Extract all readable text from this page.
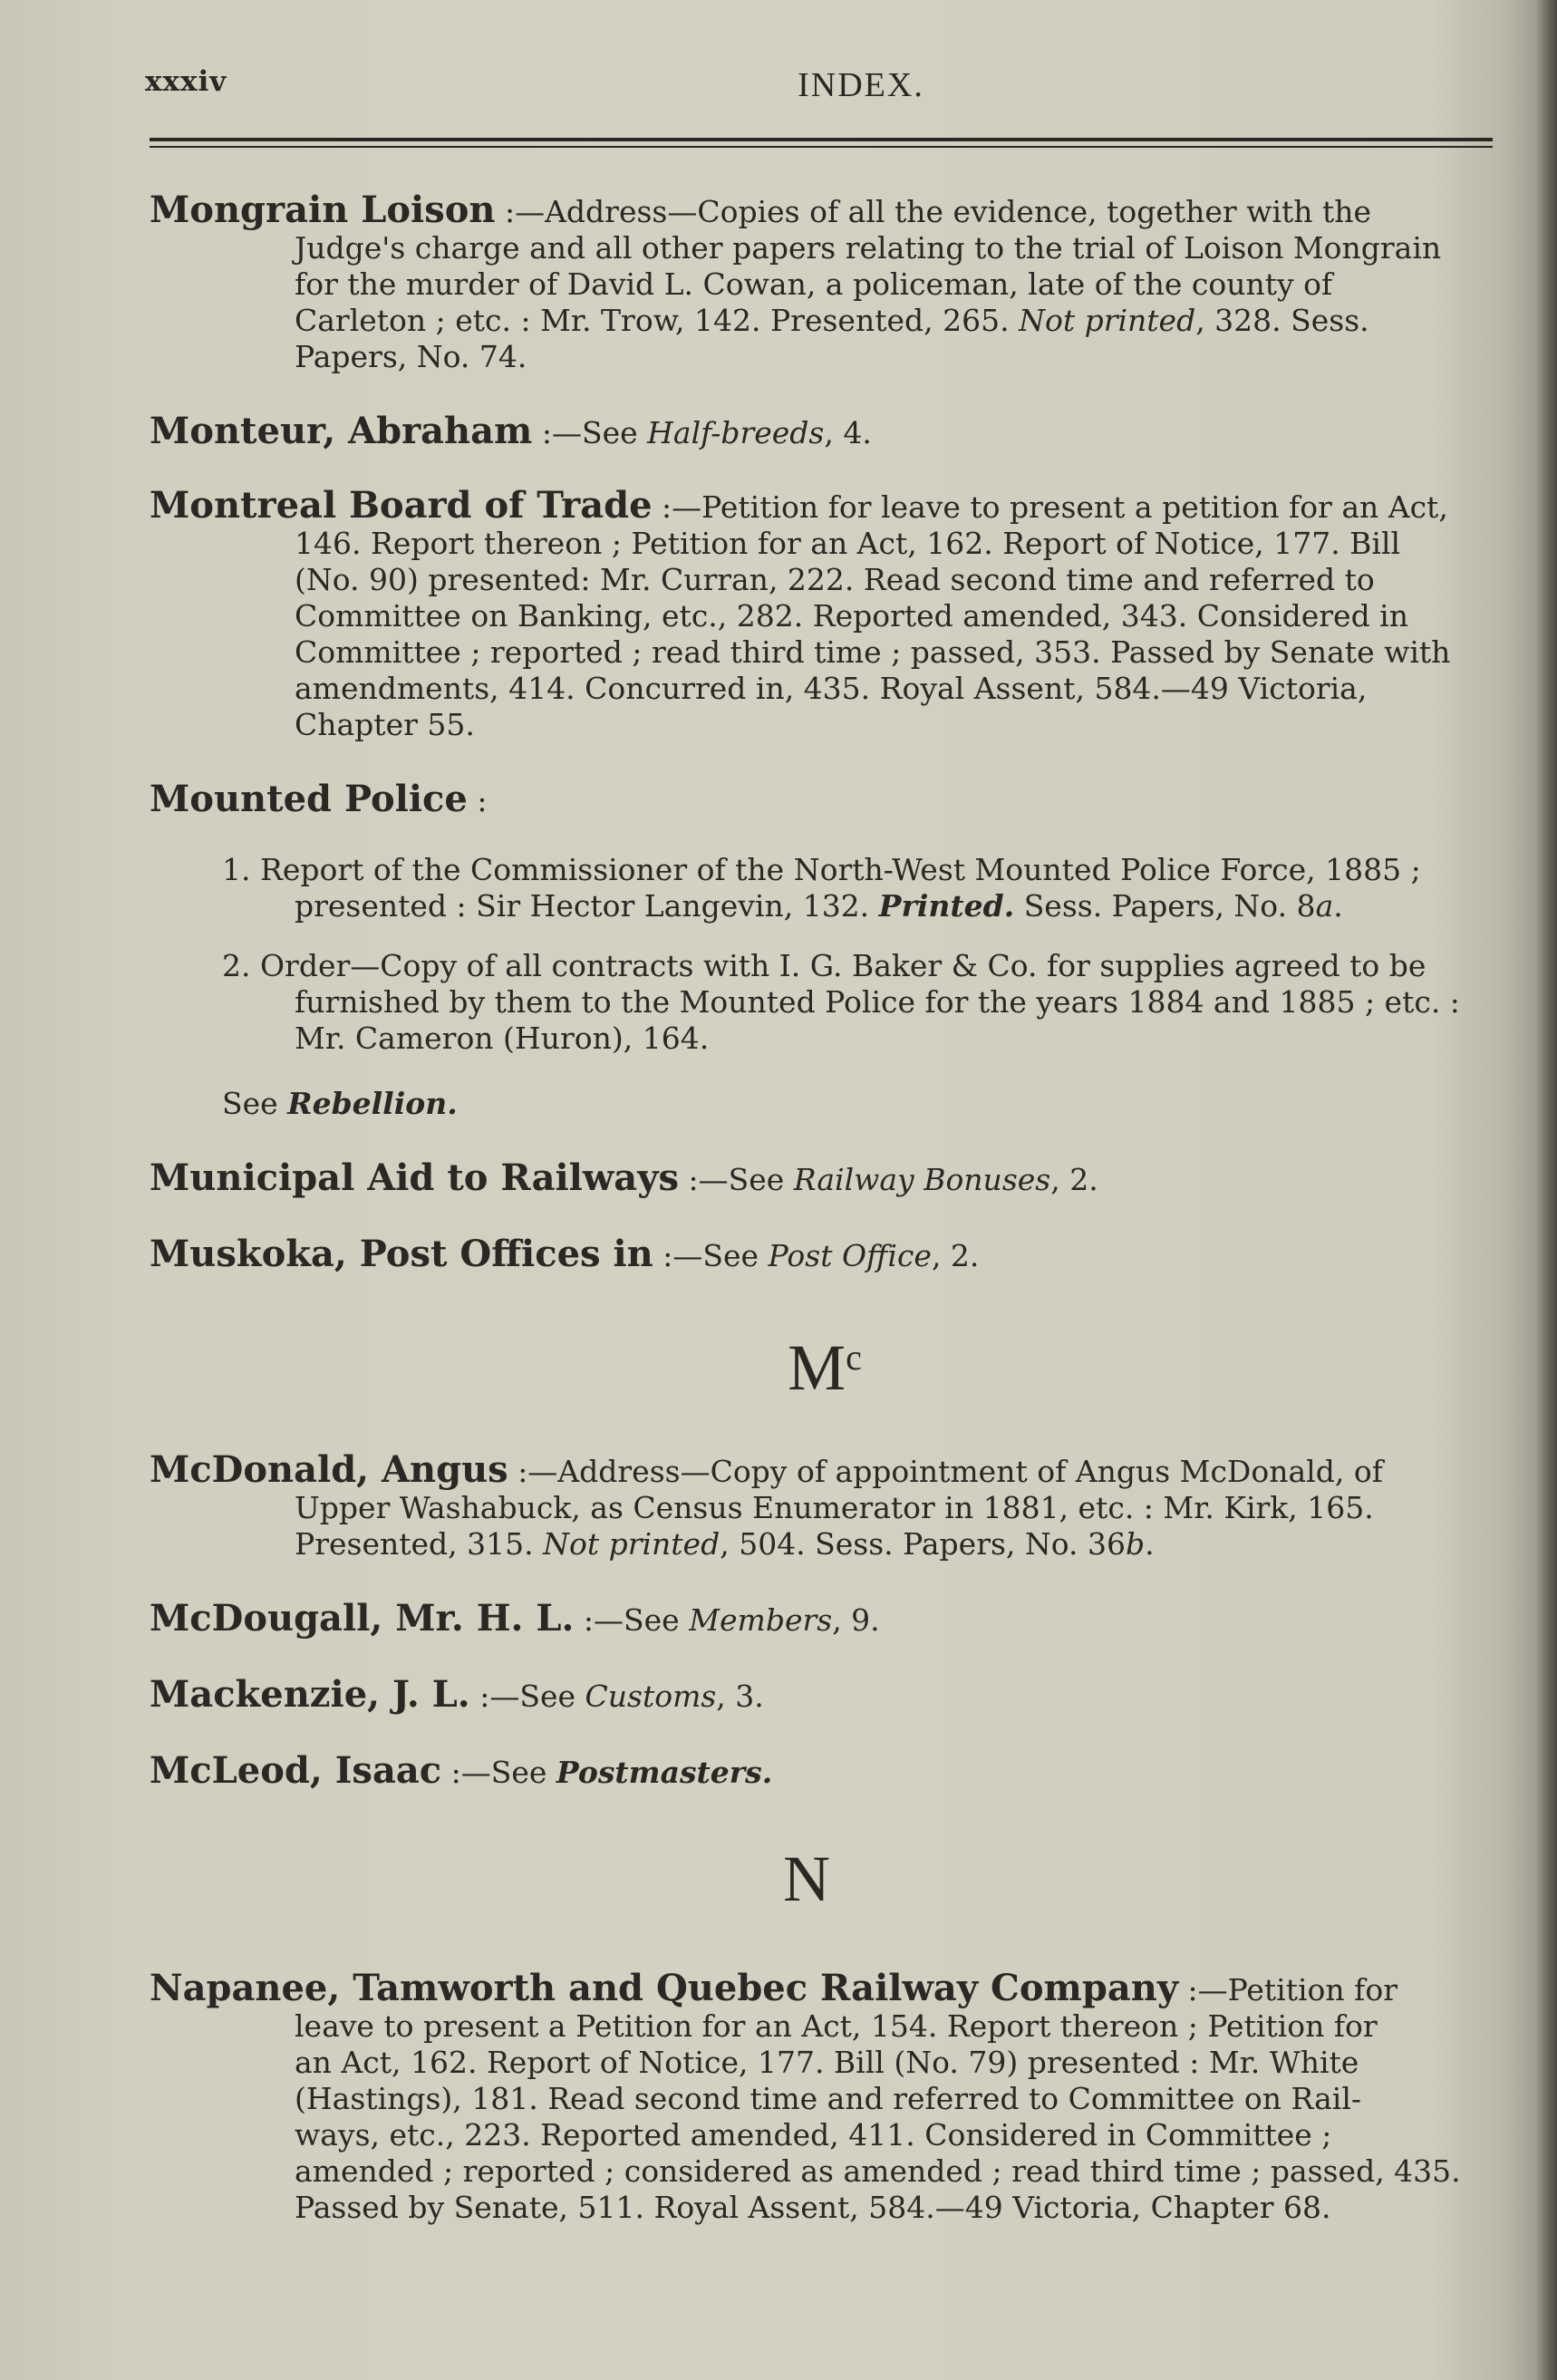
xxxiv	INDEX.
Mongrain Loison :—Address—Copies of all the evidence, together with the
Judge's charge and all other papers relating to the trial of Loison Mongrain
for the murder of David L. Cowan, a policeman, late of the county of
Carleton ; etc. : Mr. Trow, 142. Presented, 265. Not printed, 328. Sess.
Papers, No. 74.
Monteur, Abraham :—See Half-breeds, 4.
Montreal Board of Trade :—Petition for leave to present a petition for an Act,
146. Report thereon ; Petition for an Act, 162. Report of Notice, 177. Bill
(No. 90) presented: Mr. Curran, 222. Read second time and referred to
Committee on Banking, etc., 282. Reported amended, 343. Considered in
Committee ; reported ; read third time ; passed, 353. Passed by Senate with
amendments, 414. Concurred in, 435. Royal Assent, 584.—49 Victoria,
Chapter 55.
Mounted Police :
1. Report of the Commissioner of the North-West Mounted Police Force, 1885 ;
presented : Sir Hector Langevin, 132. Printed. Sess. Papers, No. 8a.
2. Order—Copy of all contracts with I. G. Baker & Co. for supplies agreed to be
furnished by them to the Mounted Police for the years 1884 and 1885 ; etc. :
Mr. Cameron (Huron), 164.
See Rebellion.
Municipal Aid to Railways :—See Railway Bonuses, 2.
Muskoka, Post Offices in :—See Post Office, 2.
$M^c$
McDonald, Angus :—Address—Copy of appointment of Angus McDonald, of
Upper Washabuck, as Census Enumerator in 1881, etc. : Mr. Kirk, 165.
Presented, 315. Not printed, 504. Sess. Papers, No. 36b.
McDougall, Mr. H. L. :—See Members, 9.
Mackenzie, J. L. :—See Customs, 3.
McLeod, Isaac :—See Postmasters.
N
Napanee, Tamworth and Quebec Railway Company :—Petition for
leave to present a Petition for an Act, 154. Report thereon ; Petition for
an Act, 162. Report of Notice, 177. Bill (No. 79) presented : Mr. White
(Hastings), 181. Read second time and referred to Committee on Rail-
ways, etc., 223. Reported amended, 411. Considered in Committee ;
amended ; reported ; considered as amended ; read third time ; passed, 435.
Passed by Senate, 511. Royal Assent, 584.—49 Victoria, Chapter 68.
